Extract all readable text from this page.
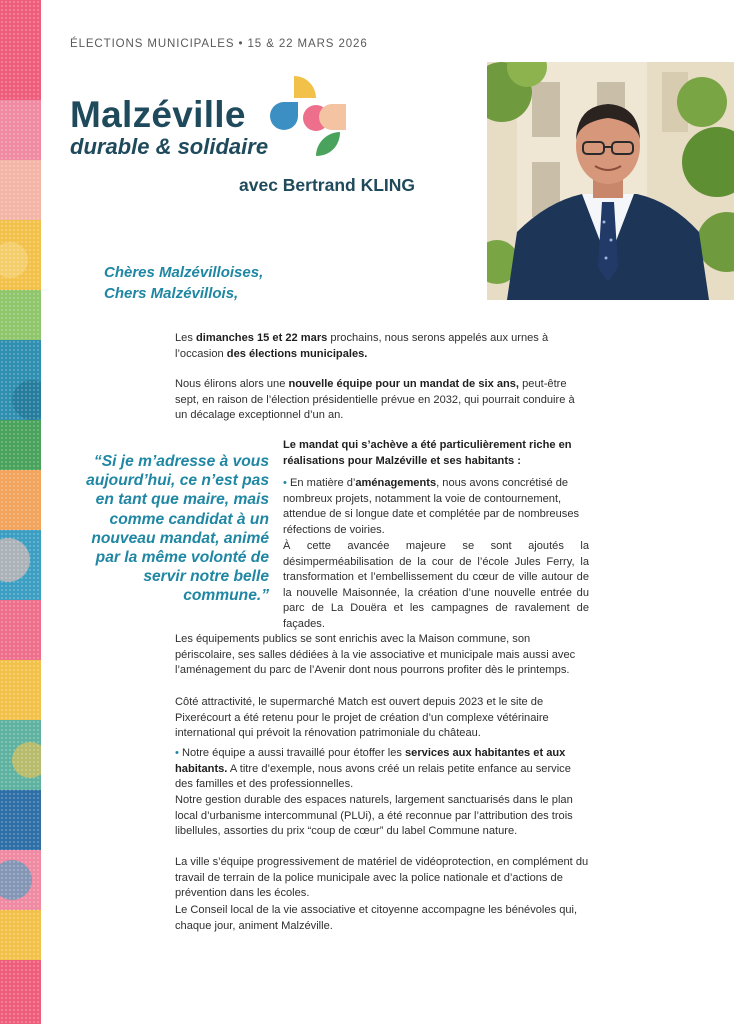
ÉLECTIONS MUNICIPALES • 15 & 22 MARS 2026
Malzéville
durable & solidaire
avec Bertrand KLING
Chères Malzévilloises,
Chers Malzévillois,

Les dimanches 15 et 22 mars prochains, nous serons appelés aux urnes à l’occasion des élections municipales.

Nous élirons alors une nouvelle équipe pour un mandat de six ans, peut-être sept, en raison de l’élection présidentielle prévue en 2032, qui pourrait conduire à un décalage exceptionnel d’un an.

Le mandat qui s’achève a été particulièrement riche en réalisations pour Malzéville et ses habitants :

• En matière d’aménagements, nous avons concrétisé de nombreux projets, notamment la voie de contournement, attendue de si longue date et complétée par de nombreuses réfections de voiries.

À cette avancée majeure se sont ajoutés la désimperméabilisation de la cour de l’école Jules Ferry, la transformation et l’embellissement du cœur de ville autour de la nouvelle Maisonnée, la création d’une nouvelle entrée du parc de La Douëra et les campagnes de ravalement de façades.

“Si je m’adresse à vous aujourd’hui, ce n’est pas en tant que maire, mais comme candidat à un nouveau mandat, animé par la même volonté de servir notre belle commune.”

Les équipements publics se sont enrichis avec la Maison commune, son périscolaire, ses salles dédiées à la vie associative et municipale mais aussi avec l’aménagement du parc de l’Avenir dont nous pourrons profiter dès le printemps.

Côté attractivité, le supermarché Match est ouvert depuis 2023 et le site de Pixerécourt a été retenu pour le projet de création d’un complexe vétérinaire international qui prévoit la rénovation patrimoniale du château.

• Notre équipe a aussi travaillé pour étoffer les services aux habitantes et aux habitants. A titre d’exemple, nous avons créé un relais petite enfance au service des familles et des professionnelles.

Notre gestion durable des espaces naturels, largement sanctuarisés dans le plan local d’urbanisme intercommunal (PLUi), a été reconnue par l’attribution des trois libellules, assorties du prix “coup de cœur” du label Commune nature.

La ville s’équipe progressivement de matériel de vidéoprotection, en complément du travail de terrain de la police municipale avec la police nationale et d’actions de prévention dans les écoles.

Le Conseil local de la vie associative et citoyenne accompagne les bénévoles qui, chaque jour, animent Malzéville.
